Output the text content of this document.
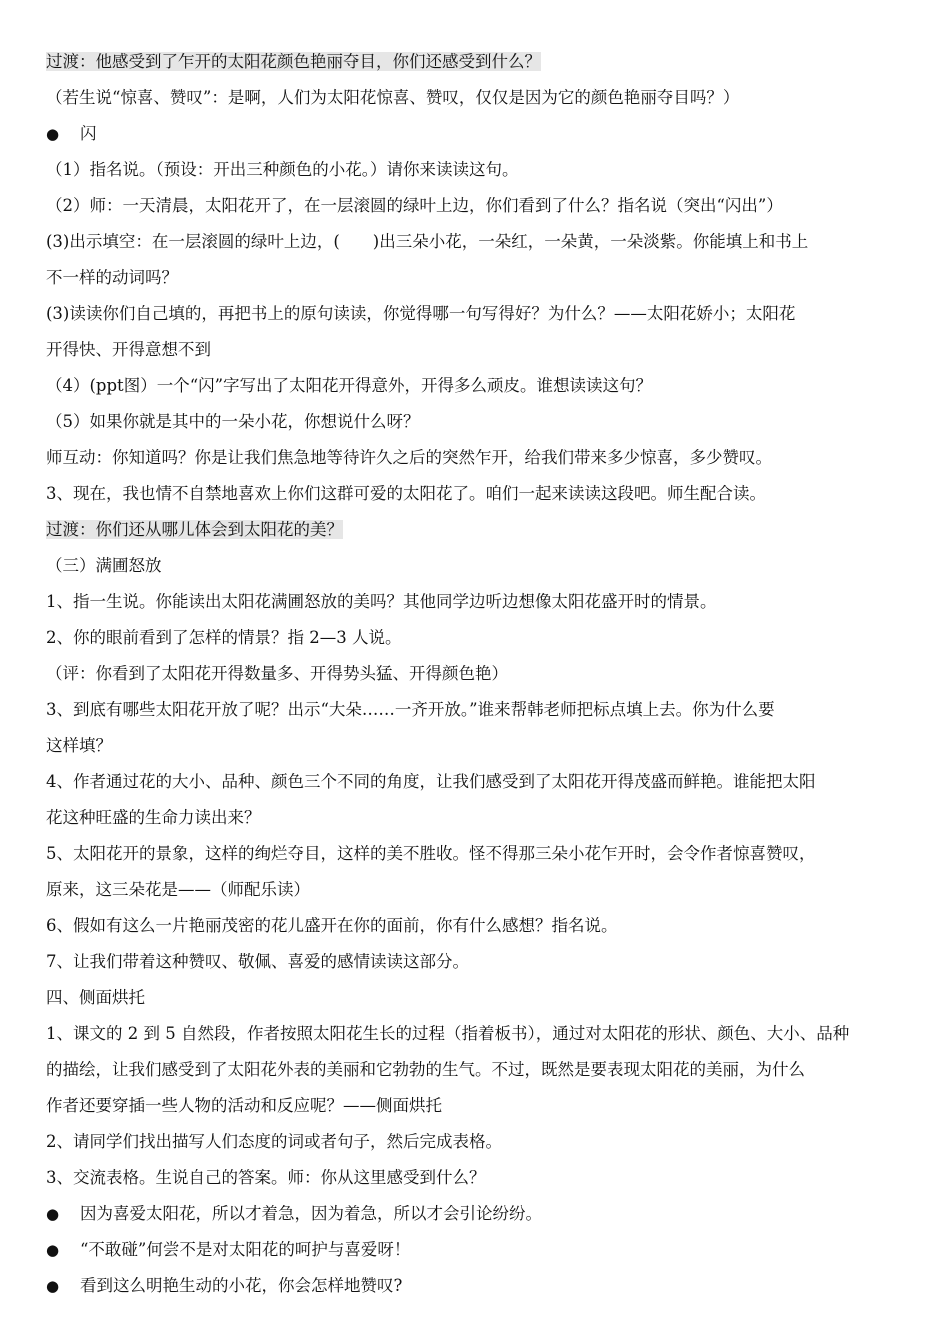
过渡：他感受到了乍开的太阳花颜色艳丽夺目，你们还感受到什么？
（若生说“惊喜、赞叹”：是啊，人们为太阳花惊喜、赞叹，仅仅是因为它的颜色艳丽夺目吗？）
●闪
（1）指名说。（预设：开出三种颜色的小花。）请你来读读这句。
（2）师：一天清晨，太阳花开了，在一层滚圆的绿叶上边，你们看到了什么？指名说（突出“闪出”）
(3)出示填空：在一层滚圆的绿叶上边，(　　)出三朵小花，一朵红，一朵黄，一朵淡紫。你能填上和书上
不一样的动词吗？
(3)读读你们自己填的，再把书上的原句读读，你觉得哪一句写得好？为什么？——太阳花娇小；太阳花
开得快、开得意想不到
（4）(ppt图）一个“闪”字写出了太阳花开得意外，开得多么顽皮。谁想读读这句？
（5）如果你就是其中的一朵小花，你想说什么呀？
师互动：你知道吗？你是让我们焦急地等待许久之后的突然乍开，给我们带来多少惊喜，多少赞叹。
3、现在，我也情不自禁地喜欢上你们这群可爱的太阳花了。咱们一起来读读这段吧。师生配合读。
过渡：你们还从哪儿体会到太阳花的美？
（三）满圃怒放
1、指一生说。你能读出太阳花满圃怒放的美吗？其他同学边听边想像太阳花盛开时的情景。
2、你的眼前看到了怎样的情景？指 2—3 人说。
（评：你看到了太阳花开得数量多、开得势头猛、开得颜色艳）
3、到底有哪些太阳花开放了呢？出示“大朵……一齐开放。”谁来帮韩老师把标点填上去。你为什么要
这样填？
4、作者通过花的大小、品种、颜色三个不同的角度，让我们感受到了太阳花开得茂盛而鲜艳。谁能把太阳
花这种旺盛的生命力读出来？
5、太阳花开的景象，这样的绚烂夺目，这样的美不胜收。怪不得那三朵小花乍开时，会令作者惊喜赞叹，
原来，这三朵花是——（师配乐读）
6、假如有这么一片艳丽茂密的花儿盛开在你的面前，你有什么感想？指名说。
7、让我们带着这种赞叹、敬佩、喜爱的感情读读这部分。
四、侧面烘托
1、课文的 2 到 5 自然段，作者按照太阳花生长的过程（指着板书），通过对太阳花的形状、颜色、大小、品种
的描绘，让我们感受到了太阳花外表的美丽和它勃勃的生气。不过，既然是要表现太阳花的美丽，为什么
作者还要穿插一些人物的活动和反应呢？——侧面烘托
2、请同学们找出描写人们态度的词或者句子，然后完成表格。
3、交流表格。生说自己的答案。师：你从这里感受到什么？
●因为喜爱太阳花，所以才着急，因为着急，所以才会引论纷纷。
●“不敢碰”何尝不是对太阳花的呵护与喜爱呀！
●看到这么明艳生动的小花，你会怎样地赞叹?
